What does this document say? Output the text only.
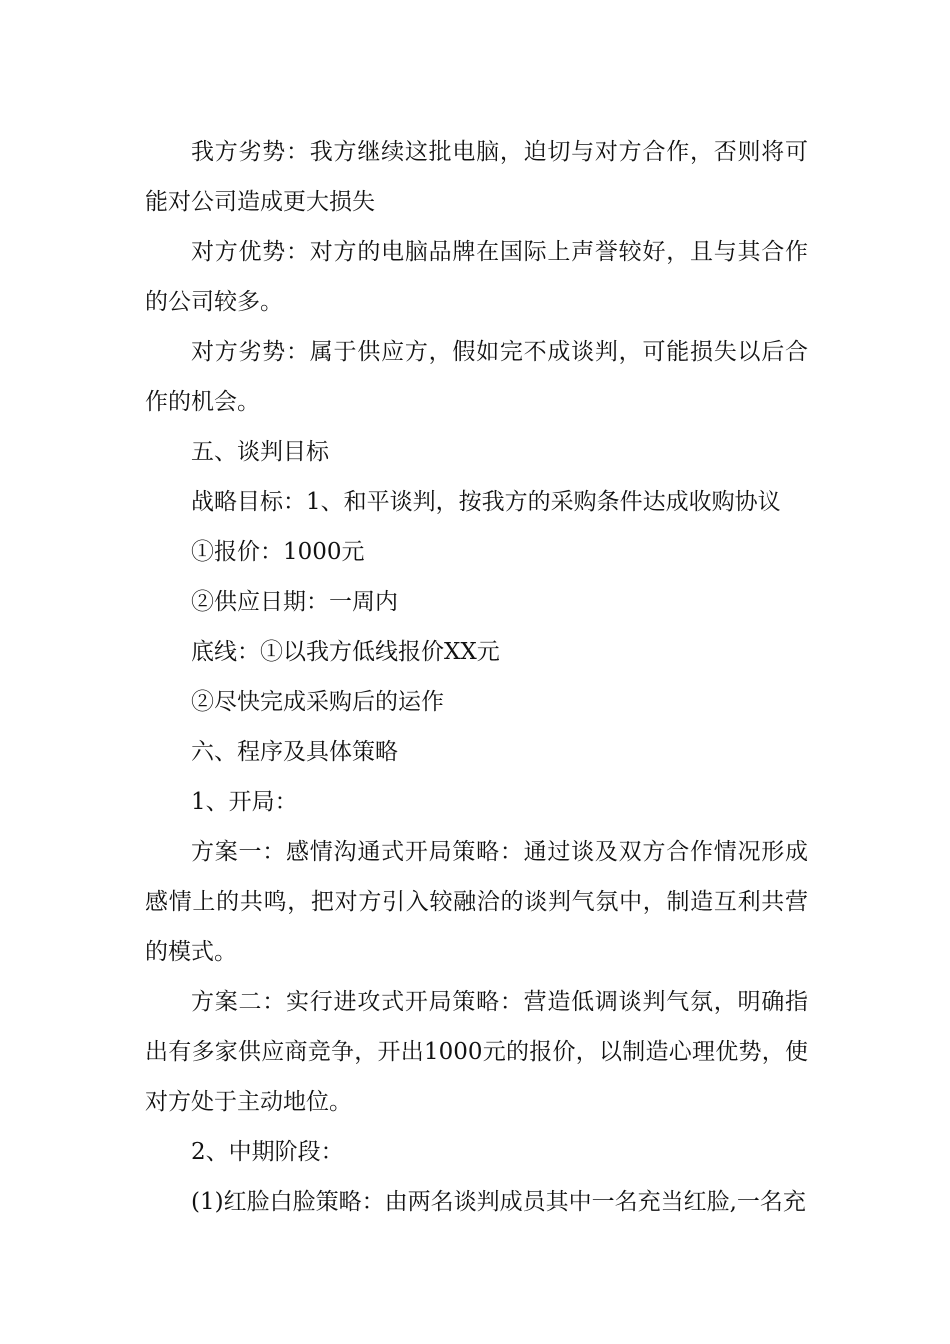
我方劣势：我方继续这批电脑，迫切与对方合作，否则将可能对公司造成更大损失

对方优势：对方的电脑品牌在国际上声誉较好，且与其合作的公司较多。

对方劣势：属于供应方，假如完不成谈判，可能损失以后合作的机会。

五、谈判目标

战略目标：1、和平谈判，按我方的采购条件达成收购协议

①报价：1000元

②供应日期：一周内

底线：①以我方低线报价XX元

②尽快完成采购后的运作

六、程序及具体策略

1、开局：

方案一：感情沟通式开局策略：通过谈及双方合作情况形成感情上的共鸣，把对方引入较融洽的谈判气氛中，制造互利共营的模式。

方案二：实行进攻式开局策略：营造低调谈判气氛，明确指出有多家供应商竞争，开出1000元的报价，以制造心理优势，使对方处于主动地位。

2、中期阶段：

(1)红脸白脸策略：由两名谈判成员其中一名充当红脸,一名充
